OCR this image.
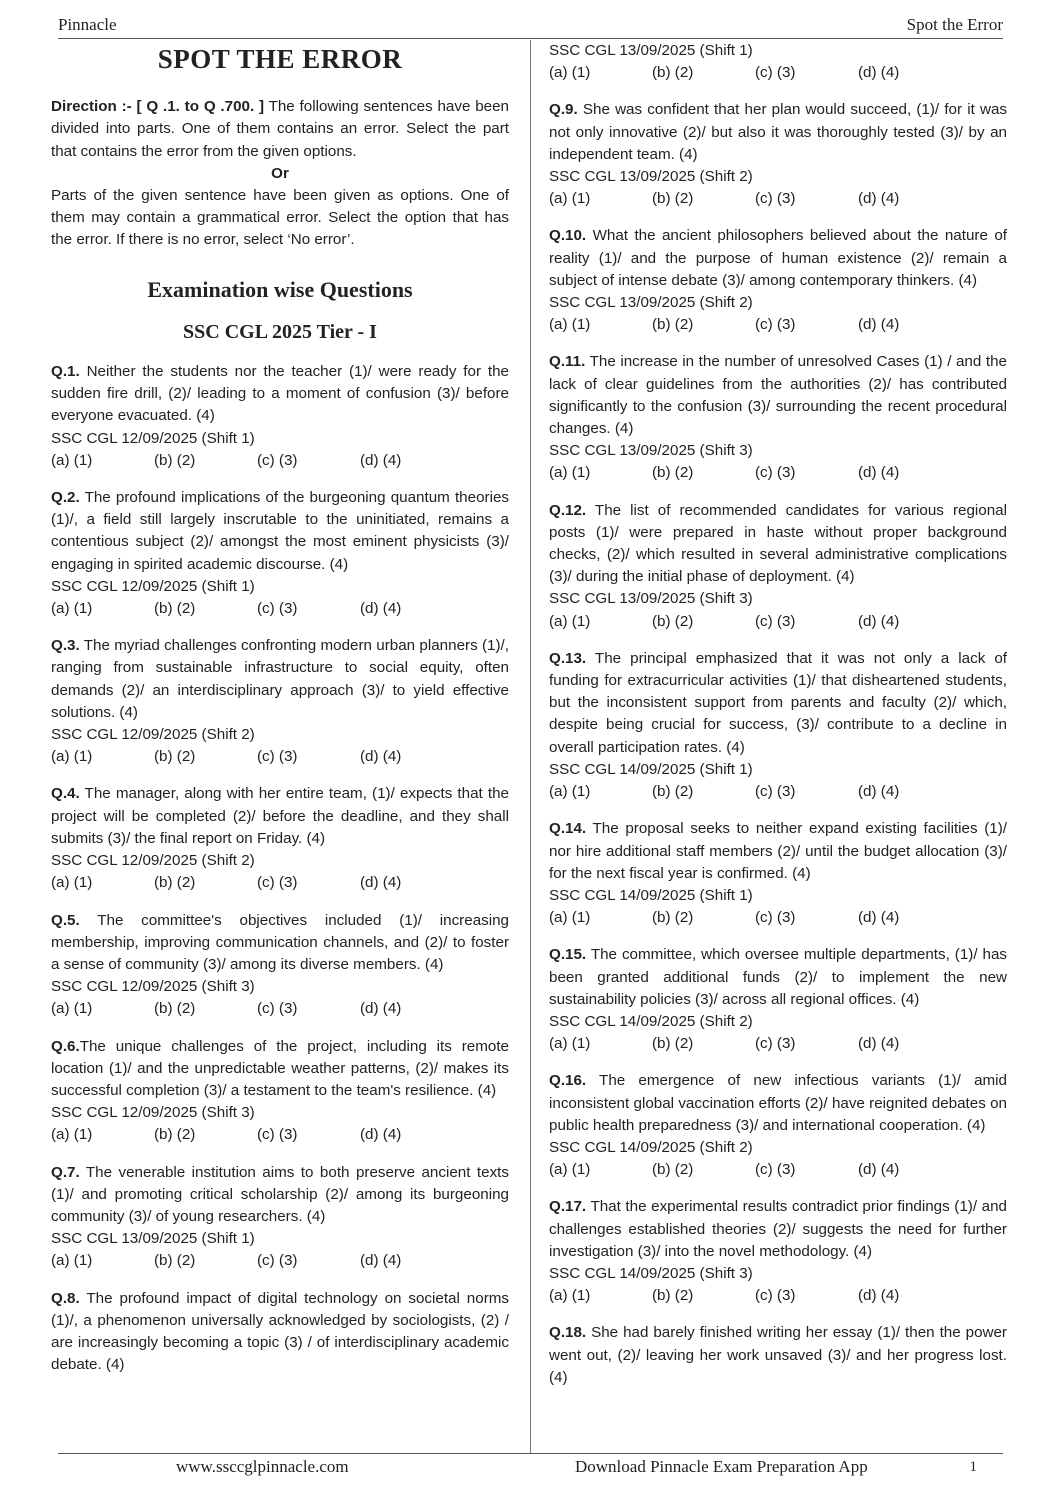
Pinnacle	Spot the Error
SPOT THE ERROR

Direction :- [ Q .1. to Q .700. ] The following sentences have been divided into parts. One of them contains an error. Select the part that contains the error from the given options.

Or

Parts of the given sentence have been given as options. One of them may contain a grammatical error. Select the option that has the error. If there is no error, select ‘No error’.

Examination wise Questions
SSC CGL 2025 Tier - I

Q.1. Neither the students nor the teacher (1)/ were ready for the sudden fire drill, (2)/ leading to a moment of confusion (3)/ before everyone evacuated. (4)

SSC CGL 12/09/2025 (Shift 1)

(a) (1)	(b) (2)	(c) (3)	(d) (4)

Q.2. The profound implications of the burgeoning quantum theories (1)/, a field still largely inscrutable to the uninitiated, remains a contentious subject (2)/ amongst the most eminent physicists (3)/ engaging in spirited academic discourse. (4)

SSC CGL 12/09/2025 (Shift 1)

(a) (1)	(b) (2)	(c) (3)	(d) (4)

Q.3. The myriad challenges confronting modern urban planners (1)/, ranging from sustainable infrastructure to social equity, often demands (2)/ an interdisciplinary approach (3)/ to yield effective solutions. (4)

SSC CGL 12/09/2025 (Shift 2)

(a) (1)	(b) (2)	(c) (3)	(d) (4)

Q.4. The manager, along with her entire team, (1)/ expects that the project will be completed (2)/ before the deadline, and they shall submits (3)/ the final report on Friday. (4)

SSC CGL 12/09/2025 (Shift 2)

(a) (1)	(b) (2)	(c) (3)	(d) (4)

Q.5. The committee's objectives included (1)/ increasing membership, improving communication channels, and (2)/ to foster a sense of community (3)/ among its diverse members. (4)

SSC CGL 12/09/2025 (Shift 3)

(a) (1)	(b) (2)	(c) (3)	(d) (4)

Q.6.The unique challenges of the project, including its remote location (1)/ and the unpredictable weather patterns, (2)/ makes its successful completion (3)/ a testament to the team's resilience. (4)

SSC CGL 12/09/2025 (Shift 3)

(a) (1)	(b) (2)	(c) (3)	(d) (4)

Q.7. The venerable institution aims to both preserve ancient texts (1)/ and promoting critical scholarship (2)/ among its burgeoning community (3)/ of young researchers. (4)

SSC CGL 13/09/2025 (Shift 1)

(a) (1)	(b) (2)	(c) (3)	(d) (4)

Q.8. The profound impact of digital technology on societal norms (1)/, a phenomenon universally acknowledged by sociologists, (2) / are increasingly becoming a topic (3) / of interdisciplinary academic debate. (4)

SSC CGL 13/09/2025 (Shift 1)

(a) (1)	(b) (2)	(c) (3)	(d) (4)

Q.9. She was confident that her plan would succeed, (1)/ for it was not only innovative (2)/ but also it was thoroughly tested (3)/ by an independent team. (4)

SSC CGL 13/09/2025 (Shift 2)

(a) (1)	(b) (2)	(c) (3)	(d) (4)

Q.10. What the ancient philosophers believed about the nature of reality (1)/ and the purpose of human existence (2)/ remain a subject of intense debate (3)/ among contemporary thinkers. (4)

SSC CGL 13/09/2025 (Shift 2)

(a) (1)	(b) (2)	(c) (3)	(d) (4)

Q.11. The increase in the number of unresolved Cases (1) / and the lack of clear guidelines from the authorities (2)/ has contributed significantly to the confusion (3)/ surrounding the recent procedural changes. (4)

SSC CGL 13/09/2025 (Shift 3)

(a) (1)	(b) (2)	(c) (3)	(d) (4)

Q.12. The list of recommended candidates for various regional posts (1)/ were prepared in haste without proper background checks, (2)/ which resulted in several administrative complications (3)/ during the initial phase of deployment. (4)

SSC CGL 13/09/2025 (Shift 3)

(a) (1)	(b) (2)	(c) (3)	(d) (4)

Q.13. The principal emphasized that it was not only a lack of funding for extracurricular activities (1)/ that disheartened students, but the inconsistent support from parents and faculty (2)/ which, despite being crucial for success, (3)/ contribute to a decline in overall participation rates. (4)

SSC CGL 14/09/2025 (Shift 1)

(a) (1)	(b) (2)	(c) (3)	(d) (4)

Q.14. The proposal seeks to neither expand existing facilities (1)/ nor hire additional staff members (2)/ until the budget allocation (3)/ for the next fiscal year is confirmed. (4)

SSC CGL 14/09/2025 (Shift 1)

(a) (1)	(b) (2)	(c) (3)	(d) (4)

Q.15. The committee, which oversee multiple departments, (1)/ has been granted additional funds (2)/ to implement the new sustainability policies (3)/ across all regional offices. (4)

SSC CGL 14/09/2025 (Shift 2)

(a) (1)	(b) (2)	(c) (3)	(d) (4)

Q.16. The emergence of new infectious variants (1)/ amid inconsistent global vaccination efforts (2)/ have reignited debates on public health preparedness (3)/ and international cooperation. (4)

SSC CGL 14/09/2025 (Shift 2)

(a) (1)	(b) (2)	(c) (3)	(d) (4)

Q.17. That the experimental results contradict prior findings (1)/ and challenges established theories (2)/ suggests the need for further investigation (3)/ into the novel methodology. (4)

SSC CGL 14/09/2025 (Shift 3)

(a) (1)	(b) (2)	(c) (3)	(d) (4)

Q.18. She had barely finished writing her essay (1)/ then the power went out, (2)/ leaving her work unsaved (3)/ and her progress lost. (4)

www.ssccglpinnacle.com	Download Pinnacle Exam Preparation App	1
